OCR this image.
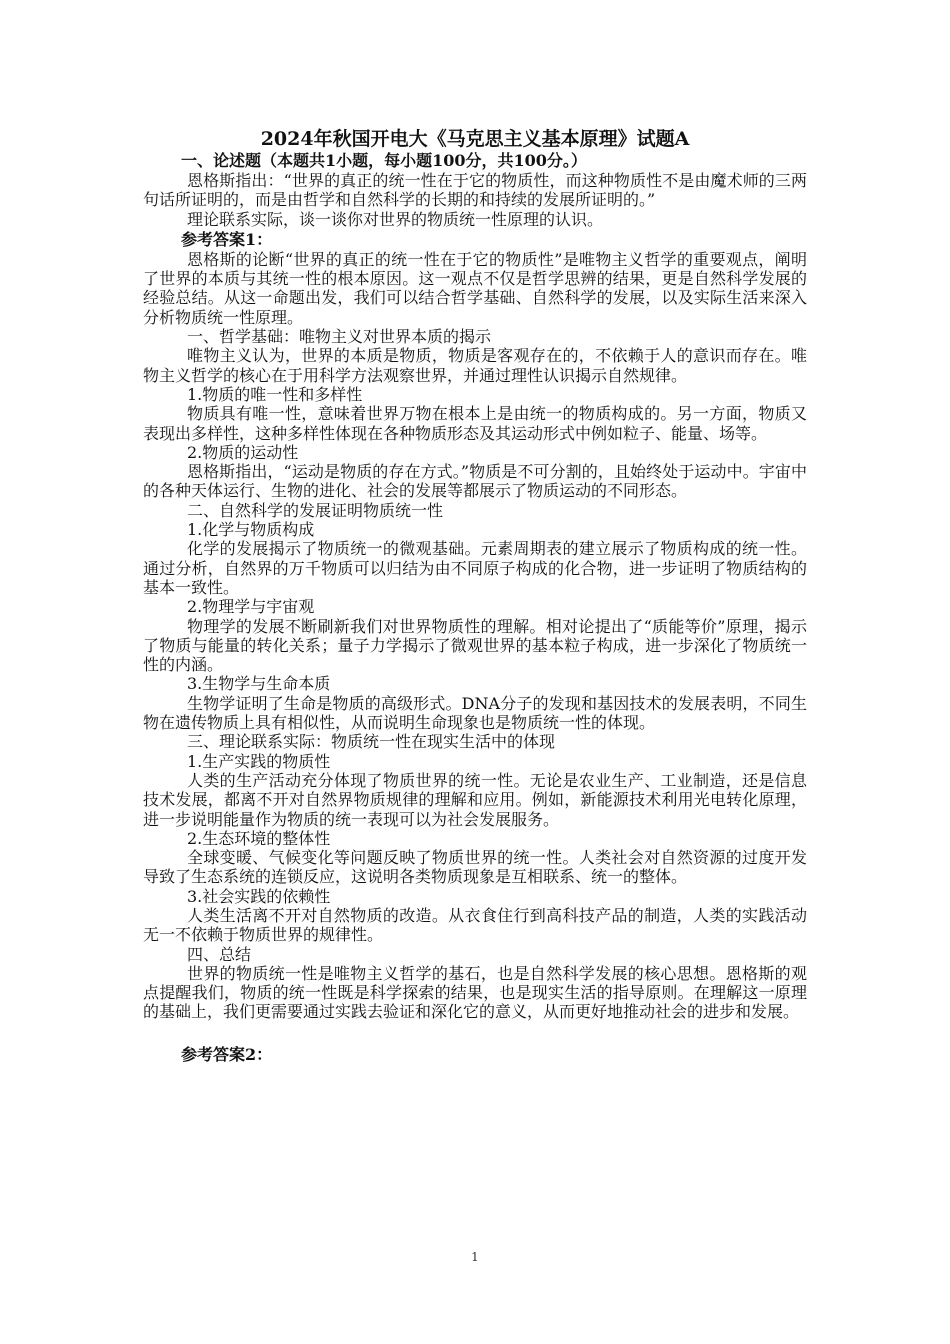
2024年秋国开电大《马克思主义基本原理》试题A

一、论述题（本题共1小题，每小题100分，共100分。）

恩格斯指出：“世界的真正的统一性在于它的物质性，而这种物质性不是由魔术师的三两句话所证明的，而是由哲学和自然科学的长期的和持续的发展所证明的。”

理论联系实际，谈一谈你对世界的物质统一性原理的认识。

参考答案1：

恩格斯的论断“世界的真正的统一性在于它的物质性”是唯物主义哲学的重要观点，阐明了世界的本质与其统一性的根本原因。这一观点不仅是哲学思辨的结果，更是自然科学发展的经验总结。从这一命题出发，我们可以结合哲学基础、自然科学的发展，以及实际生活来深入分析物质统一性原理。

一、哲学基础：唯物主义对世界本质的揭示

唯物主义认为，世界的本质是物质，物质是客观存在的，不依赖于人的意识而存在。唯物主义哲学的核心在于用科学方法观察世界，并通过理性认识揭示自然规律。

1.物质的唯一性和多样性

物质具有唯一性，意味着世界万物在根本上是由统一的物质构成的。另一方面，物质又表现出多样性，这种多样性体现在各种物质形态及其运动形式中例如粒子、能量、场等。

2.物质的运动性

恩格斯指出，“运动是物质的存在方式。”物质是不可分割的，且始终处于运动中。宇宙中的各种天体运行、生物的进化、社会的发展等都展示了物质运动的不同形态。

二、自然科学的发展证明物质统一性

1.化学与物质构成

化学的发展揭示了物质统一的微观基础。元素周期表的建立展示了物质构成的统一性。通过分析，自然界的万千物质可以归结为由不同原子构成的化合物，进一步证明了物质结构的基本一致性。

2.物理学与宇宙观

物理学的发展不断刷新我们对世界物质性的理解。相对论提出了“质能等价”原理，揭示了物质与能量的转化关系；量子力学揭示了微观世界的基本粒子构成，进一步深化了物质统一性的内涵。

3.生物学与生命本质

生物学证明了生命是物质的高级形式。DNA分子的发现和基因技术的发展表明，不同生物在遗传物质上具有相似性，从而说明生命现象也是物质统一性的体现。

三、理论联系实际：物质统一性在现实生活中的体现

1.生产实践的物质性

人类的生产活动充分体现了物质世界的统一性。无论是农业生产、工业制造，还是信息技术发展，都离不开对自然界物质规律的理解和应用。例如，新能源技术利用光电转化原理，进一步说明能量作为物质的统一表现可以为社会发展服务。

2.生态环境的整体性

全球变暖、气候变化等问题反映了物质世界的统一性。人类社会对自然资源的过度开发导致了生态系统的连锁反应，这说明各类物质现象是互相联系、统一的整体。

3.社会实践的依赖性

人类生活离不开对自然物质的改造。从衣食住行到高科技产品的制造，人类的实践活动无一不依赖于物质世界的规律性。

四、总结

世界的物质统一性是唯物主义哲学的基石，也是自然科学发展的核心思想。恩格斯的观点提醒我们，物质的统一性既是科学探索的结果，也是现实生活的指导原则。在理解这一原理的基础上，我们更需要通过实践去验证和深化它的意义，从而更好地推动社会的进步和发展。

参考答案2：

1
